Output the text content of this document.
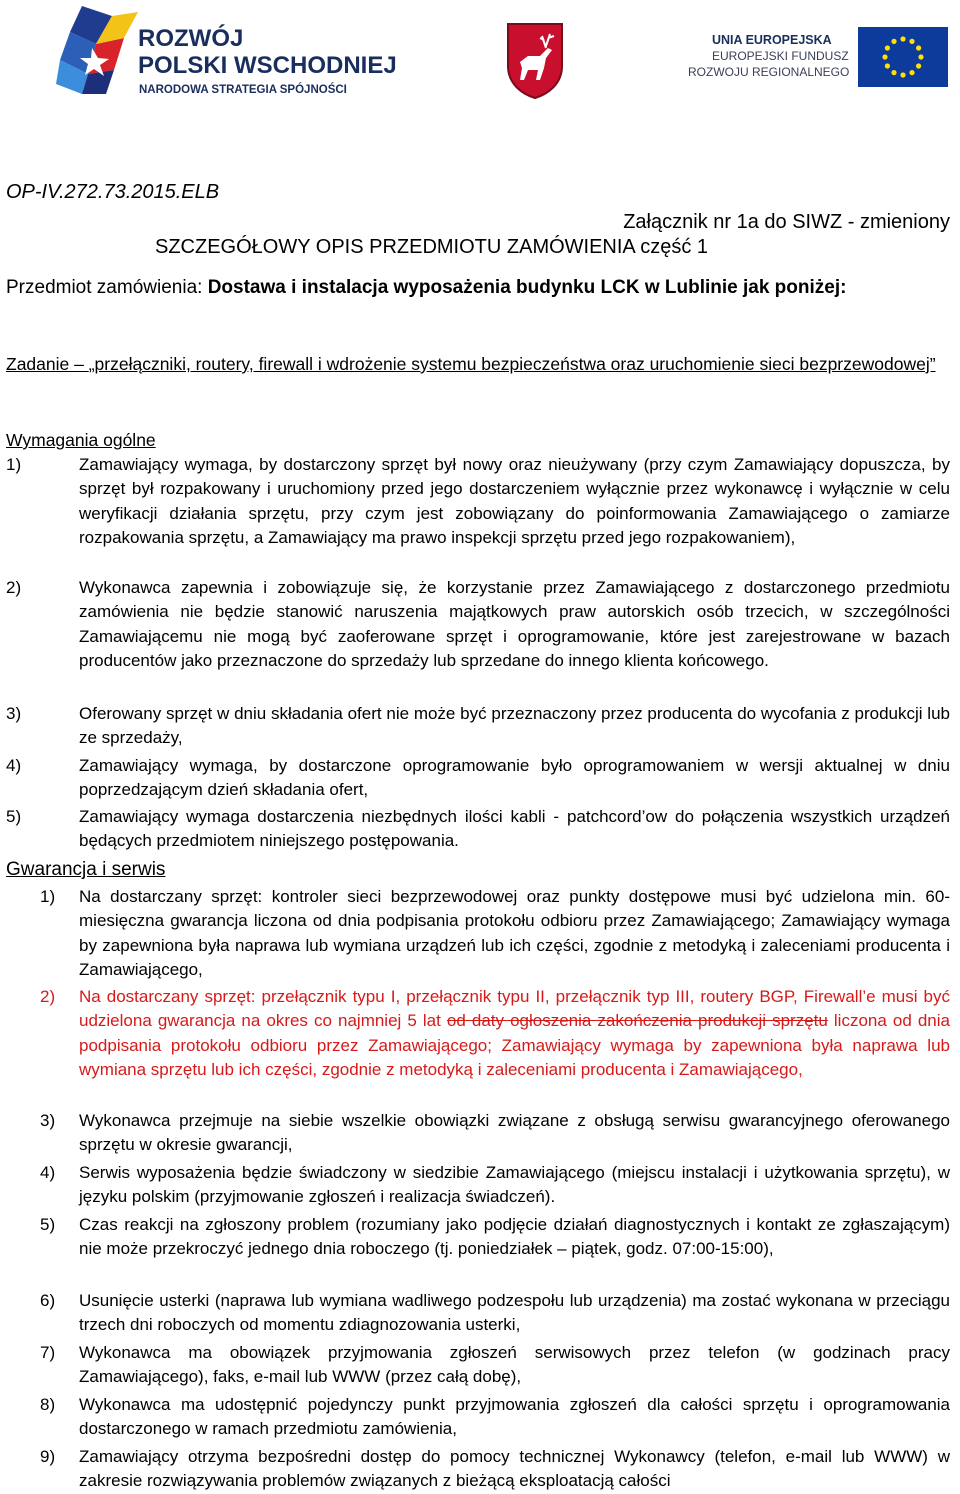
ROZWÓJ
POLSKI WSCHODNIEJ
NARODOWA STRATEGIA SPÓJNOŚCI
UNIA EUROPEJSKA
EUROPEJSKI FUNDUSZ
ROZWOJU REGIONALNEGO
OP-IV.272.73.2015.ELB
Załącznik nr 1a do SIWZ - zmieniony
SZCZEGÓŁOWY OPIS PRZEDMIOTU ZAMÓWIENIA część 1
Przedmiot zamówienia: Dostawa i instalacja wyposażenia budynku LCK w Lublinie jak poniżej:
Zadanie – „przełączniki, routery, firewall i wdrożenie systemu bezpieczeństwa oraz uruchomienie sieci bezprzewodowej”
Wymagania ogólne
1)	Zamawiający wymaga, by dostarczony sprzęt był nowy oraz nieużywany (przy czym Zamawiający dopuszcza, by sprzęt był rozpakowany i uruchomiony przed jego dostarczeniem wyłącznie przez wykonawcę i wyłącznie w celu weryfikacji działania sprzętu, przy czym jest zobowiązany do poinformowania Zamawiającego o zamiarze rozpakowania sprzętu, a Zamawiający ma prawo inspekcji sprzętu przed jego rozpakowaniem),
2)	Wykonawca zapewnia i zobowiązuje się, że korzystanie przez Zamawiającego z dostarczonego przedmiotu zamówienia nie będzie stanowić naruszenia majątkowych praw autorskich osób trzecich, w szczególności Zamawiającemu nie mogą być zaoferowane sprzęt i oprogramowanie, które jest zarejestrowane w bazach producentów jako przeznaczone do sprzedaży lub sprzedane do innego klienta końcowego.
3)	Oferowany sprzęt w dniu składania ofert nie może być przeznaczony przez producenta do wycofania z produkcji lub ze sprzedaży,
4)	Zamawiający wymaga, by dostarczone oprogramowanie było oprogramowaniem w wersji aktualnej w dniu poprzedzającym dzień składania ofert,
5)	Zamawiający wymaga dostarczenia niezbędnych ilości kabli - patchcord’ow do połączenia wszystkich urządzeń będących przedmiotem niniejszego postępowania.
Gwarancja i serwis
1)	Na dostarczany sprzęt: kontroler sieci bezprzewodowej oraz punkty dostępowe musi być udzielona min. 60-miesięczna gwarancja liczona od dnia podpisania protokołu odbioru przez Zamawiającego; Zamawiający wymaga by zapewniona była naprawa lub wymiana urządzeń lub ich części, zgodnie z metodyką i zaleceniami producenta i Zamawiającego,
2)	Na dostarczany sprzęt: przełącznik typu I, przełącznik typu II, przełącznik typ III, routery BGP, Firewall’e musi być udzielona gwarancja na okres co najmniej 5 lat od daty ogłoszenia zakończenia produkcji sprzętu liczona od dnia podpisania protokołu odbioru przez Zamawiającego; Zamawiający wymaga by zapewniona była naprawa lub wymiana sprzętu lub ich części, zgodnie z metodyką i zaleceniami producenta i Zamawiającego,
3)	Wykonawca przejmuje na siebie wszelkie obowiązki związane z obsługą serwisu gwarancyjnego oferowanego sprzętu w okresie gwarancji,
4)	Serwis wyposażenia będzie świadczony w siedzibie Zamawiającego (miejscu instalacji i użytkowania sprzętu), w języku polskim (przyjmowanie zgłoszeń i realizacja świadczeń).
5)	Czas reakcji na zgłoszony problem (rozumiany jako podjęcie działań diagnostycznych i kontakt ze zgłaszającym) nie może przekroczyć jednego dnia roboczego (tj. poniedziałek – piątek, godz. 07:00-15:00),
6)	Usunięcie usterki (naprawa lub wymiana wadliwego podzespołu lub urządzenia) ma zostać wykonana w przeciągu trzech dni roboczych od momentu zdiagnozowania usterki,
7)	Wykonawca ma obowiązek przyjmowania zgłoszeń serwisowych przez telefon (w godzinach pracy Zamawiającego), faks, e-mail lub WWW (przez całą dobę),
8)	Wykonawca ma udostępnić pojedynczy punkt przyjmowania zgłoszeń dla całości sprzętu i oprogramowania dostarczonego w ramach przedmiotu zamówienia,
9)	Zamawiający otrzyma bezpośredni dostęp do pomocy technicznej Wykonawcy (telefon, e-mail lub WWW) w zakresie rozwiązywania problemów związanych z bieżącą eksploatacją całości
